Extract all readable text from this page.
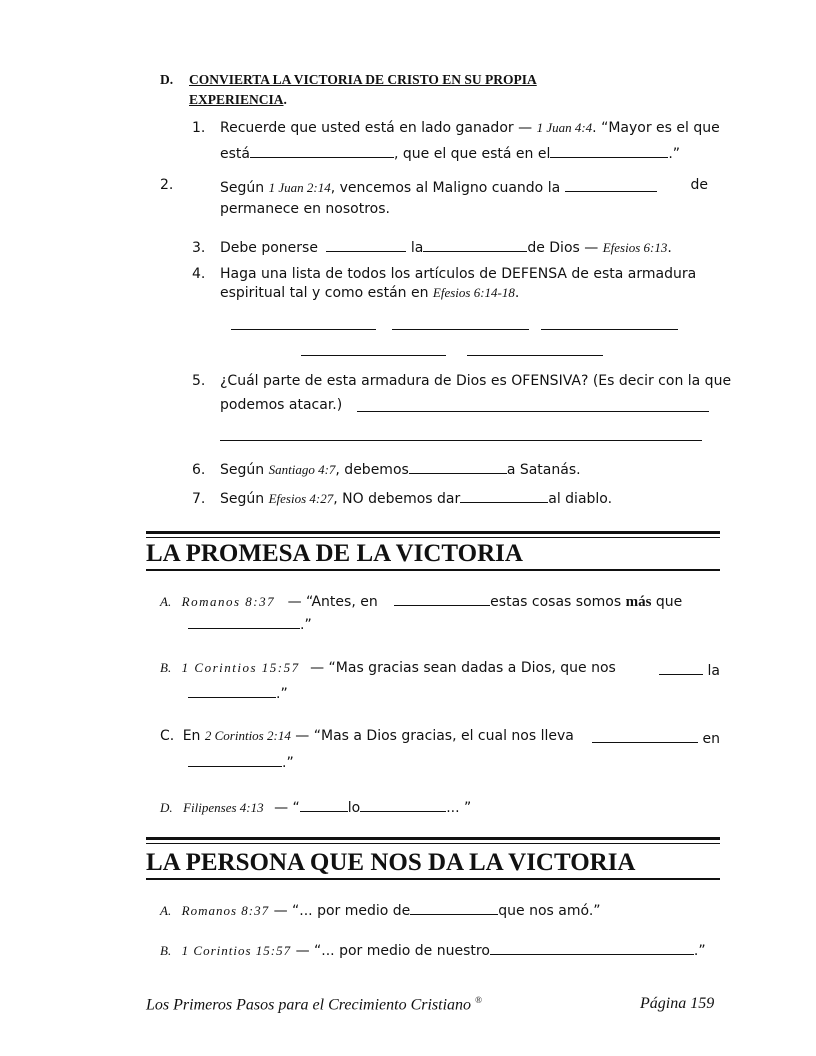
D. CONVIERTA LA VICTORIA DE CRISTO EN SU PROPIA
EXPERIENCIA.
1. Recuerde que usted está en lado ganador — 1 Juan 4:4. “Mayor es el que
está	, que el que está en el	.”
2.	Según 1 Juan 2:14, vencemos al Maligno cuando la	de
permanece en nosotros.
3. Debe ponerse	la	de Dios — Efesios 6:13.
4. Haga una lista de todos los artículos de DEFENSA de esta armadura
espiritual tal y como están en Efesios 6:14-18.
5. ¿Cuál parte de esta armadura de Dios es OFENSIVA? (Es decir con la que
podemos atacar.)
6. Según Santiago 4:7, debemos	a Satanás.
7. Según Efesios 4:27, NO debemos dar	al diablo.
LA PROMESA DE LA VICTORIA
A. Romanos 8:37 — “Antes, en	estas cosas somos más que
.”
B. 1 Corintios 15:57 — “Mas gracias sean dadas a Dios, que nos	la
.”
C. En 2 Corintios 2:14 — “Mas a Dios gracias, el cual nos lleva	en
.”
D. Filipenses 4:13 — “	lo	... ”
LA PERSONA QUE NOS DA LA VICTORIA
A. Romanos 8:37 — “... por medio de	que nos amó.”
B. 1 Corintios 15:57 — “... por medio de nuestro	.”
Los Primeros Pasos para el Crecimiento Cristiano ®	Página 159
